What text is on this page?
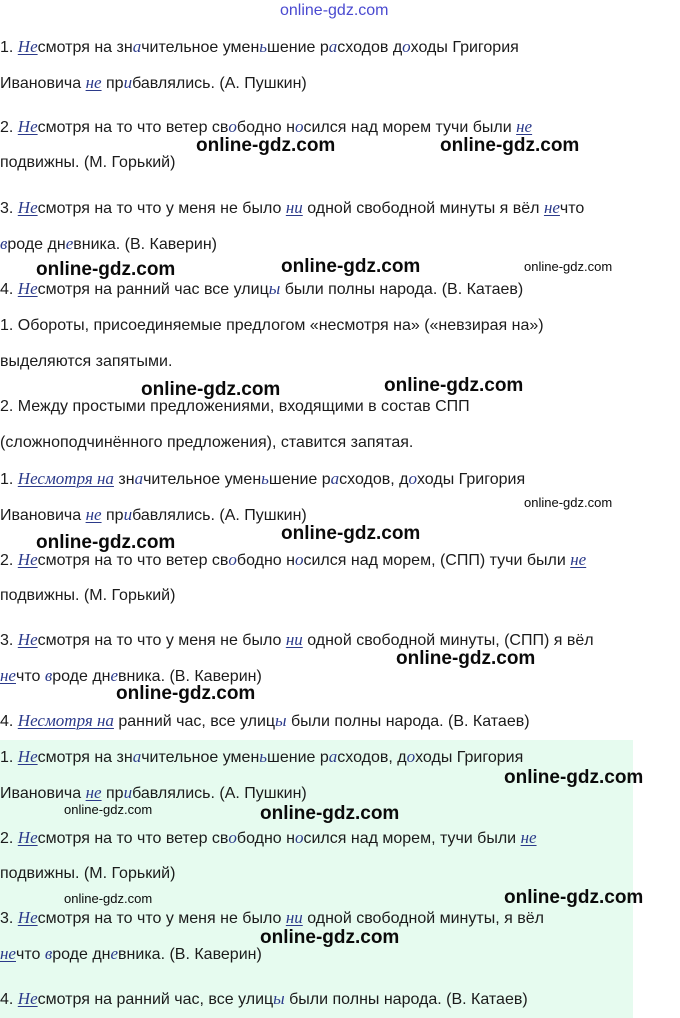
online-gdz.com
1. Несмотря на значительное уменьшение расходов доходы Григория
Ивановича не прибавлялись. (А. Пушкин)
2. Несмотря на то что ветер свободно носился над морем тучи были не
подвижны. (М. Горький)
3. Несмотря на то что у меня не было ни одной свободной минуты я вёл нечто
вроде дневника. (В. Каверин)
4. Несмотря на ранний час все улицы были полны народа. (В. Катаев)
1. Обороты, присоединяемые предлогом «несмотря на» («невзирая на»)
выделяются запятыми.
2. Между простыми предложениями, входящими в состав СПП
(сложноподчинённого предложения), ставится запятая.
1. Несмотря на значительное уменьшение расходов, доходы Григория
Ивановича не прибавлялись. (А. Пушкин)
2. Несмотря на то что ветер свободно носился над морем, (СПП) тучи были не
подвижны. (М. Горький)
3. Несмотря на то что у меня не было ни одной свободной минуты, (СПП) я вёл
нечто вроде дневника. (В. Каверин)
4. Несмотря на ранний час, все улицы были полны народа. (В. Катаев)
1. Несмотря на значительное уменьшение расходов, доходы Григория
Ивановича не прибавлялись. (А. Пушкин)
2. Несмотря на то что ветер свободно носился над морем, тучи были не
подвижны. (М. Горький)
3. Несмотря на то что у меня не было ни одной свободной минуты, я вёл
нечто вроде дневника. (В. Каверин)
4. Несмотря на ранний час, все улицы были полны народа. (В. Катаев)
online-gdz.com	online-gdz.com
online-gdz.com	online-gdz.com	online-gdz.com
online-gdz.com	online-gdz.com
online-gdz.com
online-gdz.com
online-gdz.com
online-gdz.com
online-gdz.com
online-gdz.com
online-gdz.com	online-gdz.com
online-gdz.com	online-gdz.com
online-gdz.com
